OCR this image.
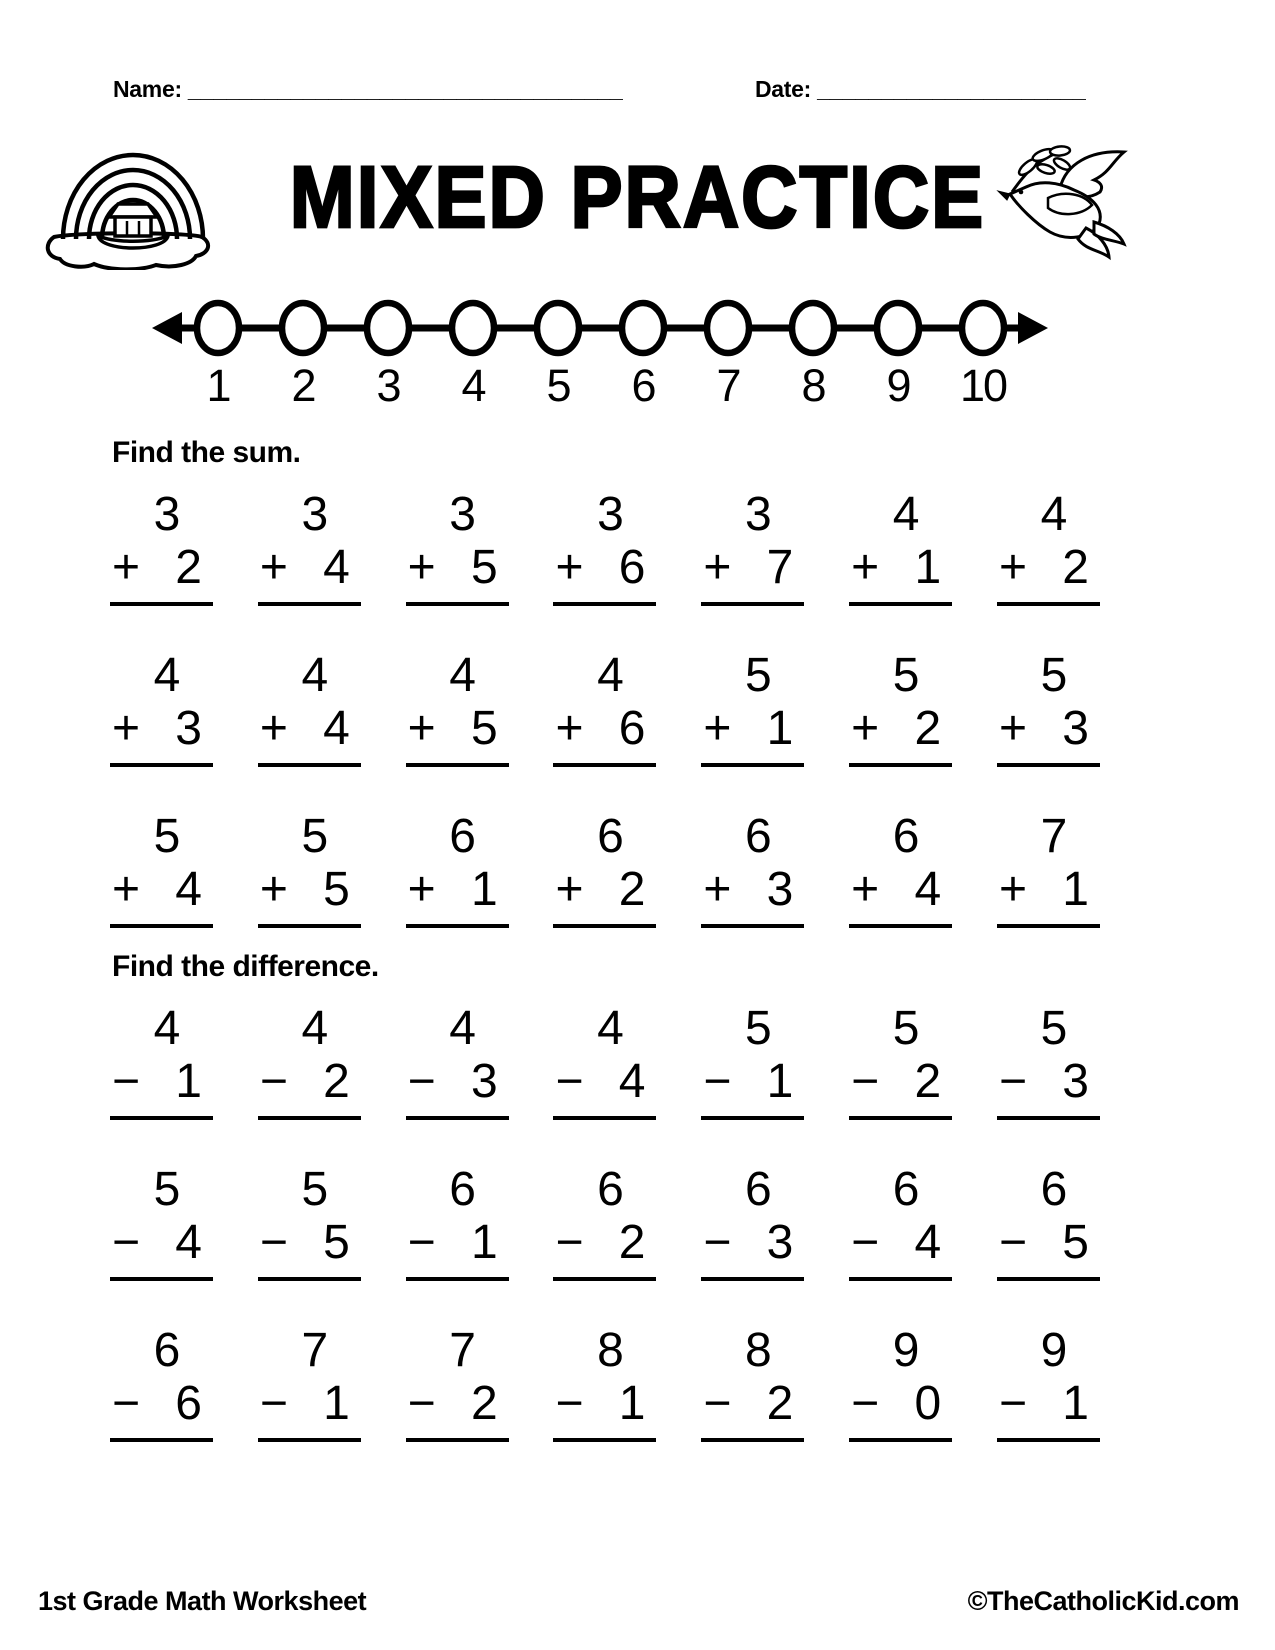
Name: __________________________________	Date: _____________________
MIXED PRACTICE
1 2 3 4 5 6 7 8 9 10
Find the sum.
3
+ 2
3
+ 4
3
+ 5
3
+ 6
3
+ 7
4
+ 1
4
+ 2
4
+ 3
4
+ 4
4
+ 5
4
+ 6
5
+ 1
5
+ 2
5
+ 3
5
+ 4
5
+ 5
6
+ 1
6
+ 2
6
+ 3
6
+ 4
7
+ 1
Find the difference.
4
− 1
4
− 2
4
− 3
4
− 4
5
− 1
5
− 2
5
− 3
5
− 4
5
− 5
6
− 1
6
− 2
6
− 3
6
− 4
6
− 5
6
− 6
7
− 1
7
− 2
8
− 1
8
− 2
9
− 0
9
− 1
1st Grade Math Worksheet	©TheCatholicKid.com
